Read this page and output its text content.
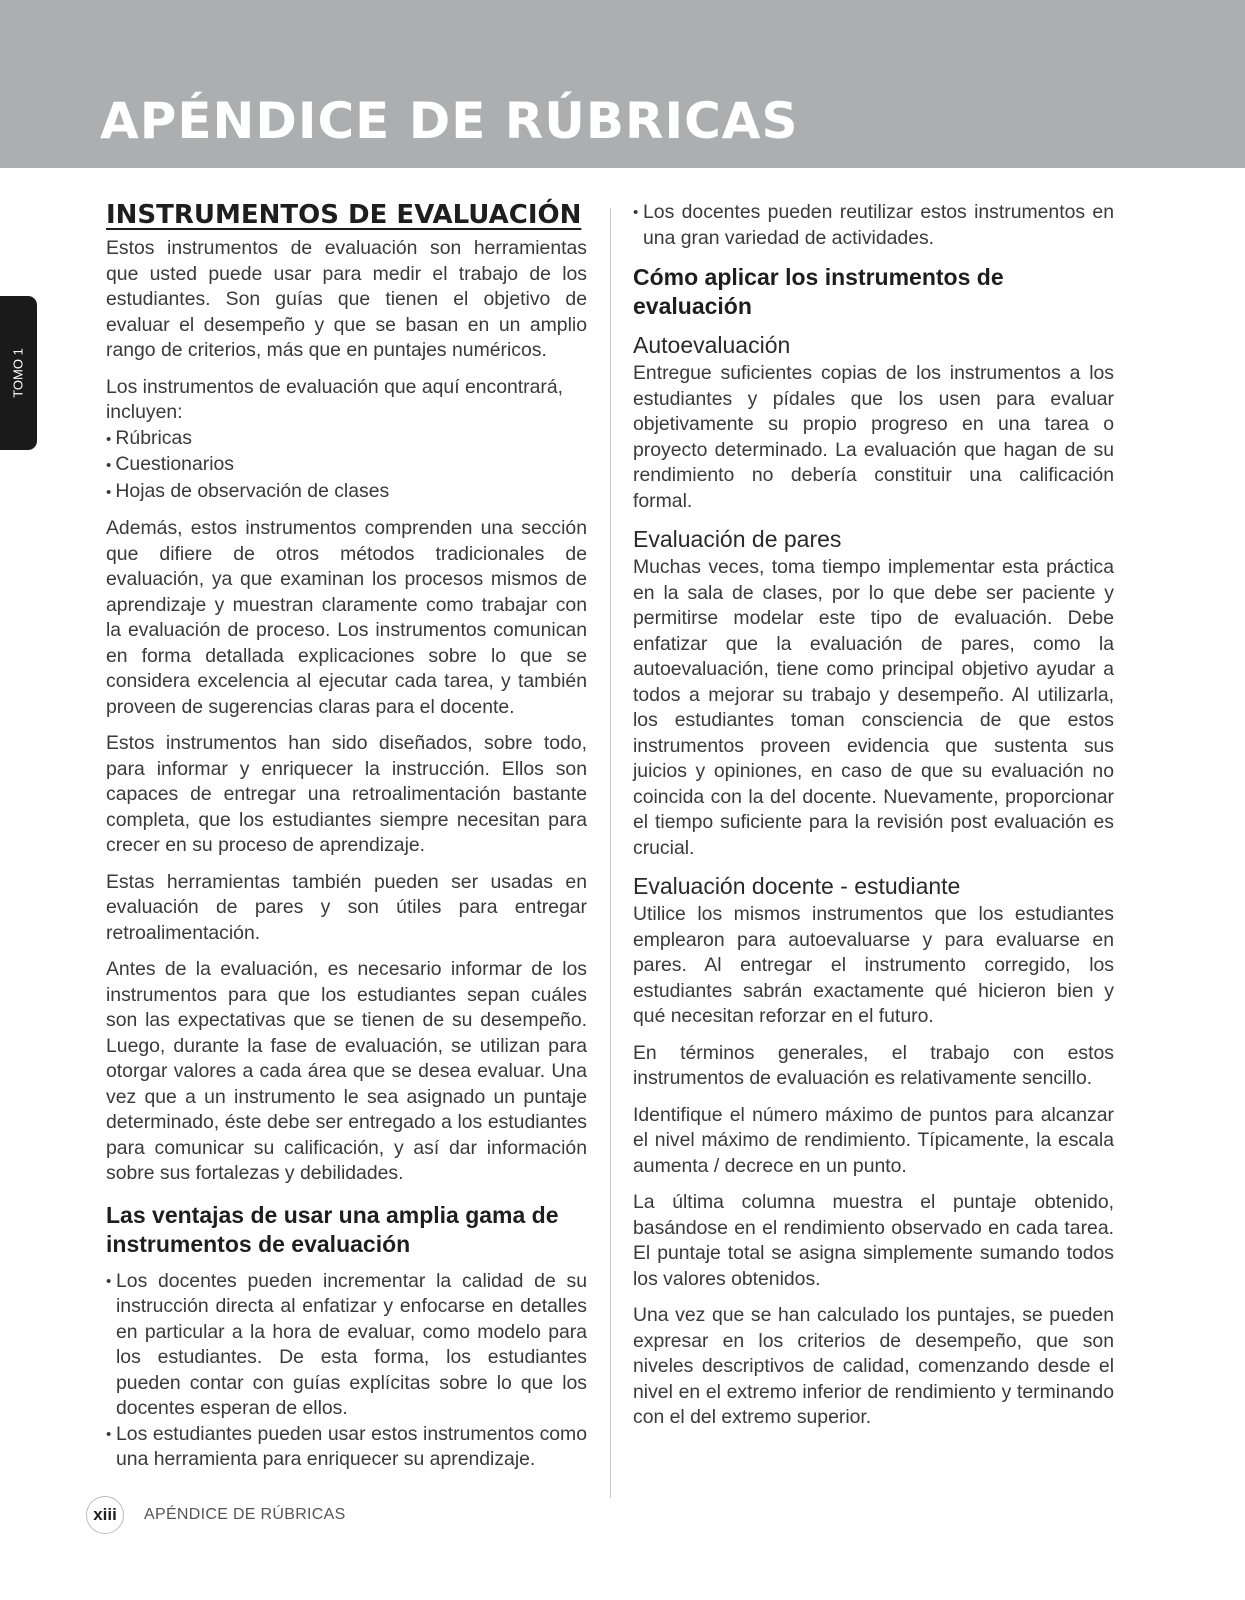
APÉNDICE DE RÚBRICAS
TOMO 1
INSTRUMENTOS DE EVALUACIÓN

Estos instrumentos de evaluación son herramientas que usted puede usar para medir el trabajo de los estudiantes. Son guías que tienen el objetivo de evaluar el desempeño y que se basan en un amplio rango de criterios, más que en puntajes numéricos.

Los instrumentos de evaluación que aquí encontrará, incluyen:

• Rúbricas
• Cuestionarios
• Hojas de observación de clases

Además, estos instrumentos comprenden una sección que difiere de otros métodos tradicionales de evaluación, ya que examinan los procesos mismos de aprendizaje y muestran claramente como trabajar con la evaluación de proceso. Los instrumentos comunican en forma detallada explicaciones sobre lo que se considera excelencia al ejecutar cada tarea, y también proveen de sugerencias claras para el docente.

Estos instrumentos han sido diseñados, sobre todo, para informar y enriquecer la instrucción. Ellos son capaces de entregar una retroalimentación bastante completa, que los estudiantes siempre necesitan para crecer en su proceso de aprendizaje.

Estas herramientas también pueden ser usadas en evaluación de pares y son útiles para entregar retroalimentación.

Antes de la evaluación, es necesario informar de los instrumentos para que los estudiantes sepan cuáles son las expectativas que se tienen de su desempeño. Luego, durante la fase de evaluación, se utilizan para otorgar valores a cada área que se desea evaluar. Una vez que a un instrumento le sea asignado un puntaje determinado, éste debe ser entregado a los estudiantes para comunicar su calificación, y así dar información sobre sus fortalezas y debilidades.

Las ventajas de usar una amplia gama de instrumentos de evaluación
• Los docentes pueden incrementar la calidad de su instrucción directa al enfatizar y enfocarse en detalles en particular a la hora de evaluar, como modelo para los estudiantes. De esta forma, los estudiantes pueden contar con guías explícitas sobre lo que los docentes esperan de ellos.
• Los estudiantes pueden usar estos instrumentos como una herramienta para enriquecer su aprendizaje.
• Los docentes pueden reutilizar estos instrumentos en una gran variedad de actividades.
Cómo aplicar los instrumentos de evaluación
Autoevaluación

Entregue suficientes copias de los instrumentos a los estudiantes y pídales que los usen para evaluar objetivamente su propio progreso en una tarea o proyecto determinado. La evaluación que hagan de su rendimiento no debería constituir una calificación formal.

Evaluación de pares

Muchas veces, toma tiempo implementar esta práctica en la sala de clases, por lo que debe ser paciente y permitirse modelar este tipo de evaluación. Debe enfatizar que la evaluación de pares, como la autoevaluación, tiene como principal objetivo ayudar a todos a mejorar su trabajo y desempeño. Al utilizarla, los estudiantes toman consciencia de que estos instrumentos proveen evidencia que sustenta sus juicios y opiniones, en caso de que su evaluación no coincida con la del docente. Nuevamente, proporcionar el tiempo suficiente para la revisión post evaluación es crucial.

Evaluación docente - estudiante

Utilice los mismos instrumentos que los estudiantes emplearon para autoevaluarse y para evaluarse en pares. Al entregar el instrumento corregido, los estudiantes sabrán exactamente qué hicieron bien y qué necesitan reforzar en el futuro.

En términos generales, el trabajo con estos instrumentos de evaluación es relativamente sencillo.

Identifique el número máximo de puntos para alcanzar el nivel máximo de rendimiento. Típicamente, la escala aumenta / decrece en un punto.

La última columna muestra el puntaje obtenido, basándose en el rendimiento observado en cada tarea. El puntaje total se asigna simplemente sumando todos los valores obtenidos.

Una vez que se han calculado los puntajes, se pueden expresar en los criterios de desempeño, que son niveles descriptivos de calidad, comenzando desde el nivel en el extremo inferior de rendimiento y terminando con el del extremo superior.

xiii	APÉNDICE DE RÚBRICAS
